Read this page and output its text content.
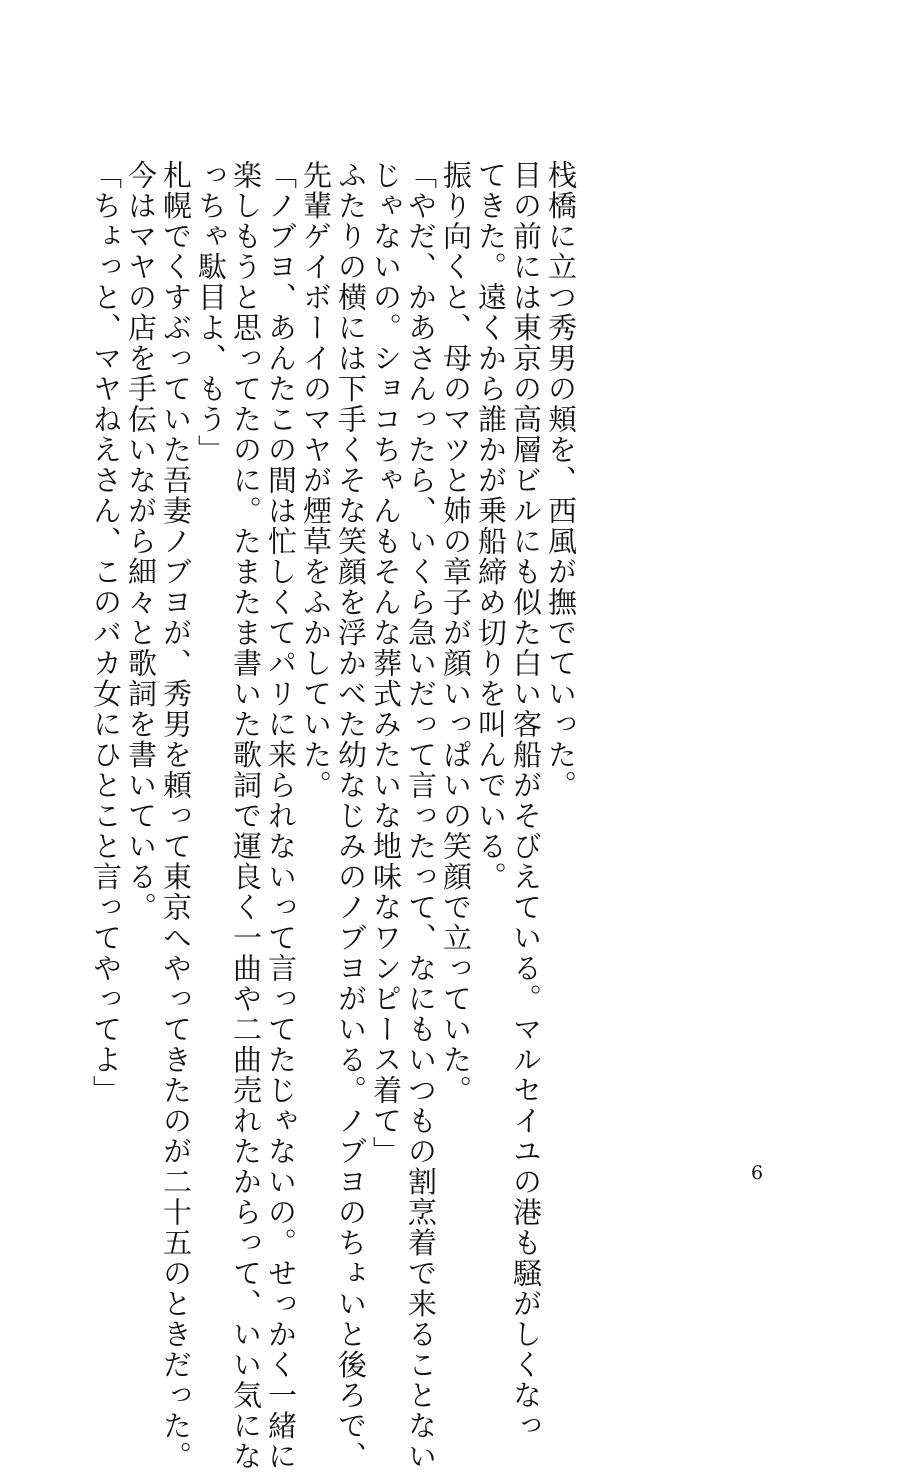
栈橋に立つ秀男の頬を、西風が撫でていった。
目の前には東京の高層ビルにも似た白い客船がそびえている。マルセイユの港も騒がしくなっ
てきた。遠くから誰かが乗船締め切りを叫んでいる。
振り向くと、母のマツと姉の章子が顔いっぱいの笑顔で立っていた。
「やだ、かあさんったら、いくら急いだって言ったって、なにもいつもの割烹着で来ることない
じゃないの。ショコちゃんもそんな葬式みたいな地味なワンピース着て」
ふたりの横には下手くそな笑顔を浮かべた幼なじみのノブヨがいる。ノブヨのちょいと後ろで、
先輩ゲイボーイのマヤが煙草をふかしていた。
「ノブヨ、あんたこの間は忙しくてパリに来られないって言ってたじゃないの。せっかく一緒に
楽しもうと思ってたのに。たまたま書いた歌詞で運良く一曲や二曲売れたからって、いい気にな
っちゃ駄目よ、もう」
札幌でくすぶっていた吾妻ノブヨが、秀男を頼って東京へやってきたのが二十五のときだった。
今はマヤの店を手伝いながら細々と歌詞を書いている。
「ちょっと、マヤねえさん、このバカ女にひとこと言ってやってよ」
6
